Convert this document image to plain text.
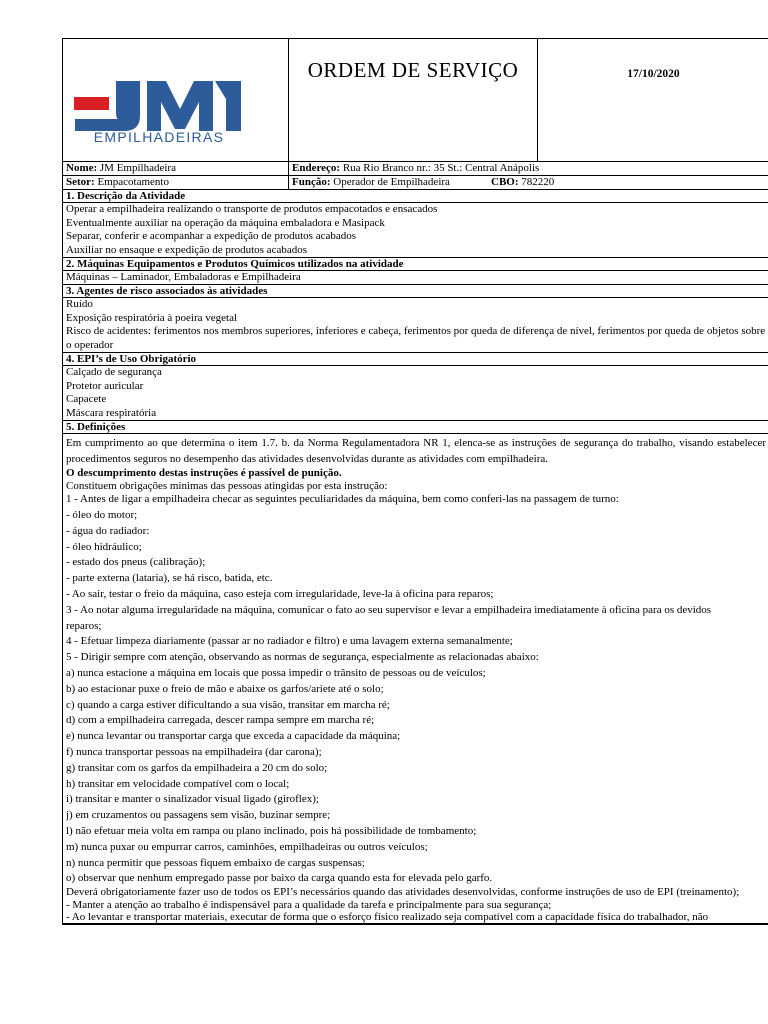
EMPILHADEIRAS
ORDEM DE SERVIÇO	17/10/2020
Nome: JM Empilhadeira	Endereço: Rua Rio Branco nr.: 35 St.: Central Anápolis
Setor: Empacotamento	Função: Operador de Empilhadeira	CBO: 782220
1. Descrição da Atividade
Operar a empilhadeira realizando o transporte de produtos empacotados e ensacados
Eventualmente auxiliar na operação da máquina embaladora e Masipack
Separar, conferir e acompanhar a expedição de produtos acabados
Auxiliar no ensaque e expedição de produtos acabados
2. Máquinas Equipamentos e Produtos Químicos utilizados na atividade
Máquinas – Laminador, Embaladoras e Empilhadeira
3. Agentes de risco associados às atividades
Ruído
Exposição respiratória à poeira vegetal
Risco de acidentes: ferimentos nos membros superiores, inferiores e cabeça, ferimentos por queda de diferença de nível, ferimentos por queda de objetos sobre o operador
4. EPI’s de Uso Obrigatório
Calçado de segurança
Protetor auricular
Capacete
Máscara respiratória
5. Definições
Em cumprimento ao que determina o item 1.7. b. da Norma Regulamentadora NR 1, elenca-se as instruções de segurança do trabalho, visando estabelecer procedimentos seguros no desempenho das atividades desenvolvidas durante as atividades com empilhadeira.
O descumprimento destas instruções é passível de punição.
Constituem obrigações mínimas das pessoas atingidas por esta instrução:
1 - Antes de ligar a empilhadeira checar as seguintes peculiaridades da máquina, bem como conferi-las na passagem de turno:
- óleo do motor;
- água do radiador:
- óleo hidráulico;
- estado dos pneus (calibração);
- parte externa (lataria), se há risco, batida, etc.
- Ao sair, testar o freio da máquina, caso esteja com irregularidade, leve-la à oficina para reparos;
3 - Ao notar alguma irregularidade na máquina, comunicar o fato ao seu supervisor e levar a empilhadeira imediatamente à oficina para os devidos
reparos;
4 - Efetuar limpeza diariamente (passar ar no radiador e filtro) e uma lavagem externa semanalmente;
5 - Dirigir sempre com atenção, observando as normas de segurança, especialmente as relacionadas abaixo:
a) nunca estacione a máquina em locais que possa impedir o trânsito de pessoas ou de veículos;
b) ao estacionar puxe o freio de mão e abaixe os garfos/ariete até o solo;
c) quando a carga estiver dificultando a sua visão, transitar em marcha ré;
d) com a empilhadeira carregada, descer rampa sempre em marcha ré;
e) nunca levantar ou transportar carga que exceda a capacidade da máquina;
f) nunca transportar pessoas na empilhadeira (dar carona);
g) transitar com os garfos da empilhadeira a 20 cm do solo;
h) transitar em velocidade compatível com o local;
i) transitar e manter o sinalizador visual ligado (giroflex);
j) em cruzamentos ou passagens sem visão, buzinar sempre;
l) não efetuar meia volta em rampa ou plano inclinado, pois há possibilidade de tombamento;
m) nunca puxar ou empurrar carros, caminhões, empilhadeiras ou outros veículos;
n) nunca permitir que pessoas fiquem embaixo de cargas suspensas;
o) observar que nenhum empregado passe por baixo da carga quando esta for elevada pelo garfo.
Deverá obrigatoriamente fazer uso de todos os EPI’s necessários quando das atividades desenvolvidas, conforme instruções de uso de EPI (treinamento);
- Manter a atenção ao trabalho é indispensável para a qualidade da tarefa e principalmente para sua segurança;
- Ao levantar e transportar materiais, executar de forma que o esforço físico realizado seja compatível com a capacidade física do trabalhador, não
